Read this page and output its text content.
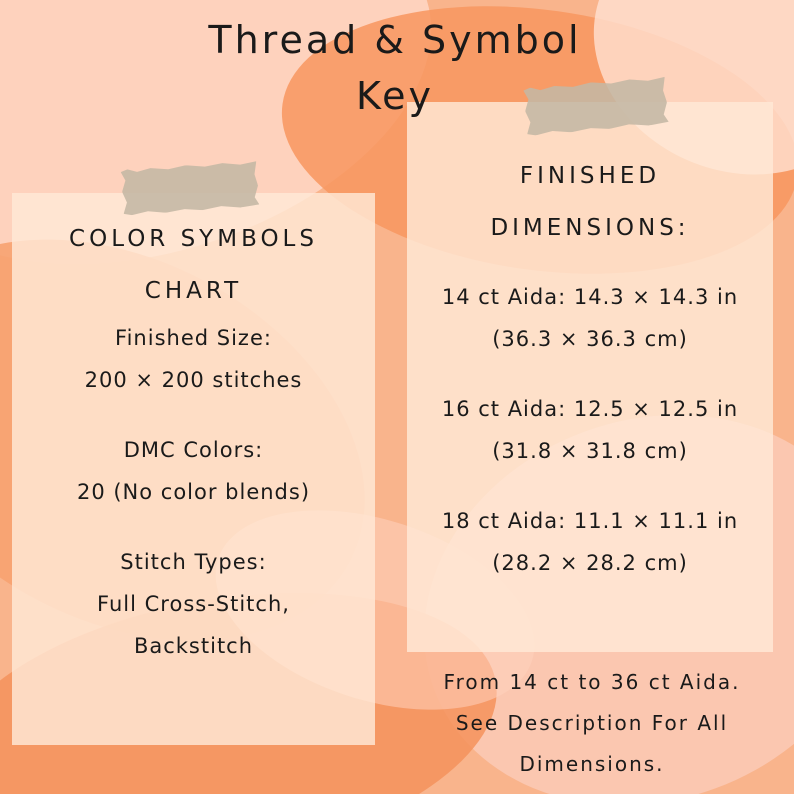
Thread & Symbol
Key
COLOR SYMBOLS
CHART
Finished Size:
200 × 200 stitches
DMC Colors:
20 (No color blends)
Stitch Types:
Full Cross-Stitch,
Backstitch
FINISHED
DIMENSIONS:
14 ct Aida: 14.3 × 14.3 in
(36.3 × 36.3 cm)
16 ct Aida: 12.5 × 12.5 in
(31.8 × 31.8 cm)
18 ct Aida: 11.1 × 11.1 in
(28.2 × 28.2 cm)
From 14 ct to 36 ct Aida.
See Description For All
Dimensions.
